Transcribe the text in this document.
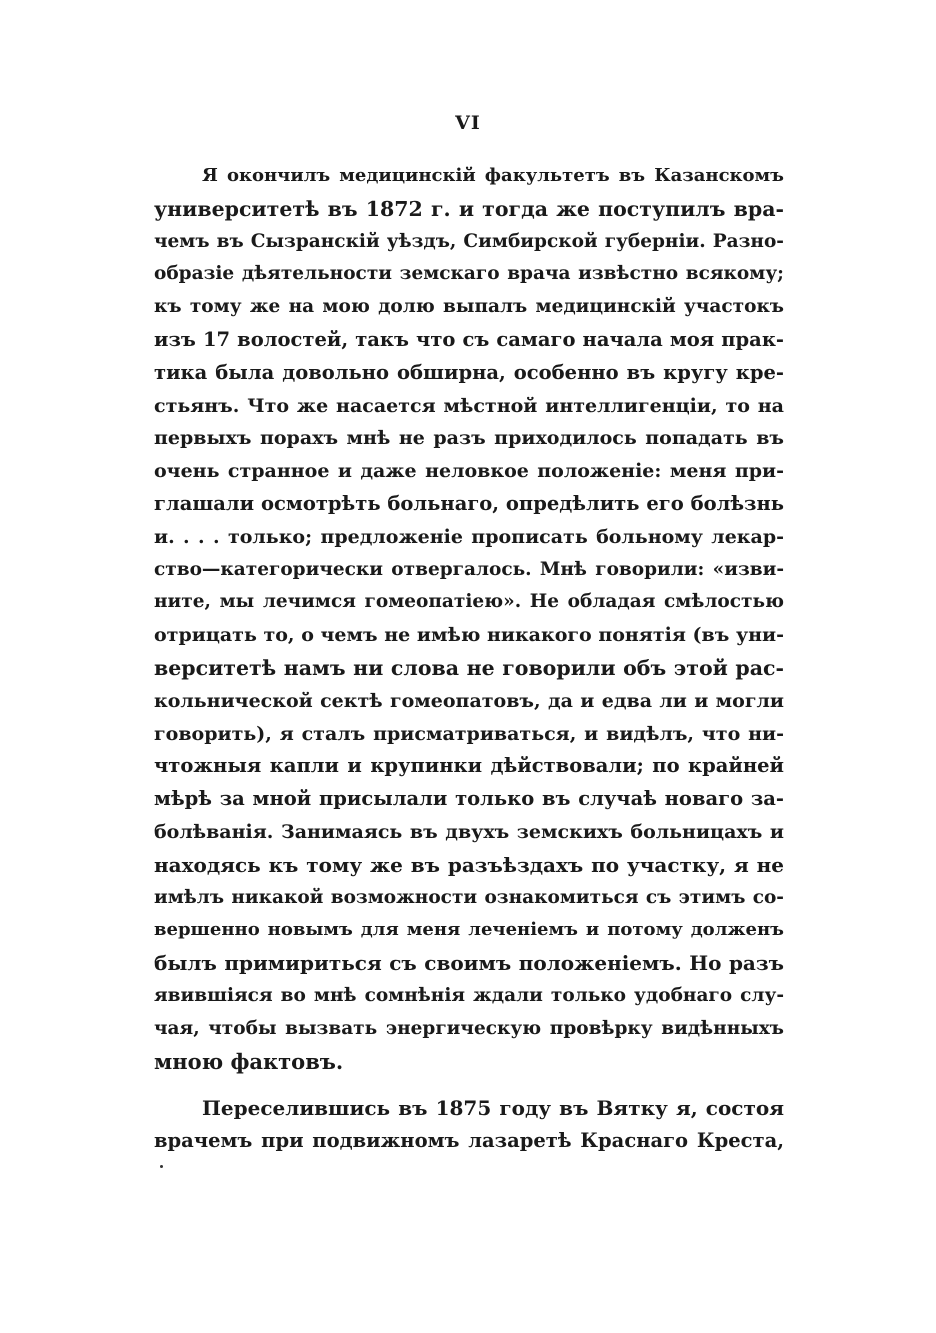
VI
Я окончилъ медицинскій факультетъ въ Казанскомъ
университетѣ въ 1872 г. и тогда же поступилъ вра-
чемъ въ Сызранскій уѣздъ, Симбирской губерніи. Разно-
образіе дѣятельности земскаго врача извѣстно всякому;
къ тому же на мою долю выпалъ медицинскій участокъ
изъ 17 волостей, такъ что съ самаго начала моя прак-
тика была довольно обширна, особенно въ кругу кре-
стьянъ. Что же насается мѣстной интеллигенціи, то на
первыхъ порахъ мнѣ не разъ приходилось попадать въ
очень странное и даже неловкое положеніе: меня при-
глашали осмотрѣть больнаго, опредѣлить его болѣзнь
и. . . . только; предложеніе прописать больному лекар-
ство—категорически отвергалось. Мнѣ говорили: «изви-
ните, мы лечимся гомеопатіею». Не обладая смѣлостью
отрицать то, о чемъ не имѣю никакого понятія (въ уни-
верситетѣ намъ ни слова не говорили объ этой рас-
кольнической сектѣ гомеопатовъ, да и едва ли и могли
говорить), я сталъ присматриваться, и видѣлъ, что ни-
чтожныя капли и крупинки дѣйствовали; по крайней
мѣрѣ за мной присылали только въ случаѣ новаго за-
болѣванія. Занимаясь въ двухъ земскихъ больницахъ и
находясь къ тому же въ разъѣздахъ по участку, я не
имѣлъ никакой возможности ознакомиться съ этимъ со-
вершенно новымъ для меня леченіемъ и потому долженъ
былъ примириться съ своимъ положеніемъ. Но разъ
явившіяся во мнѣ сомнѣнія ждали только удобнаго слу-
чая, чтобы вызвать энергическую провѣрку видѣнныхъ
мною фактовъ.
Переселившись въ 1875 году въ Вятку я, состоя
врачемъ при подвижномъ лазаретѣ Краснаго Креста,
